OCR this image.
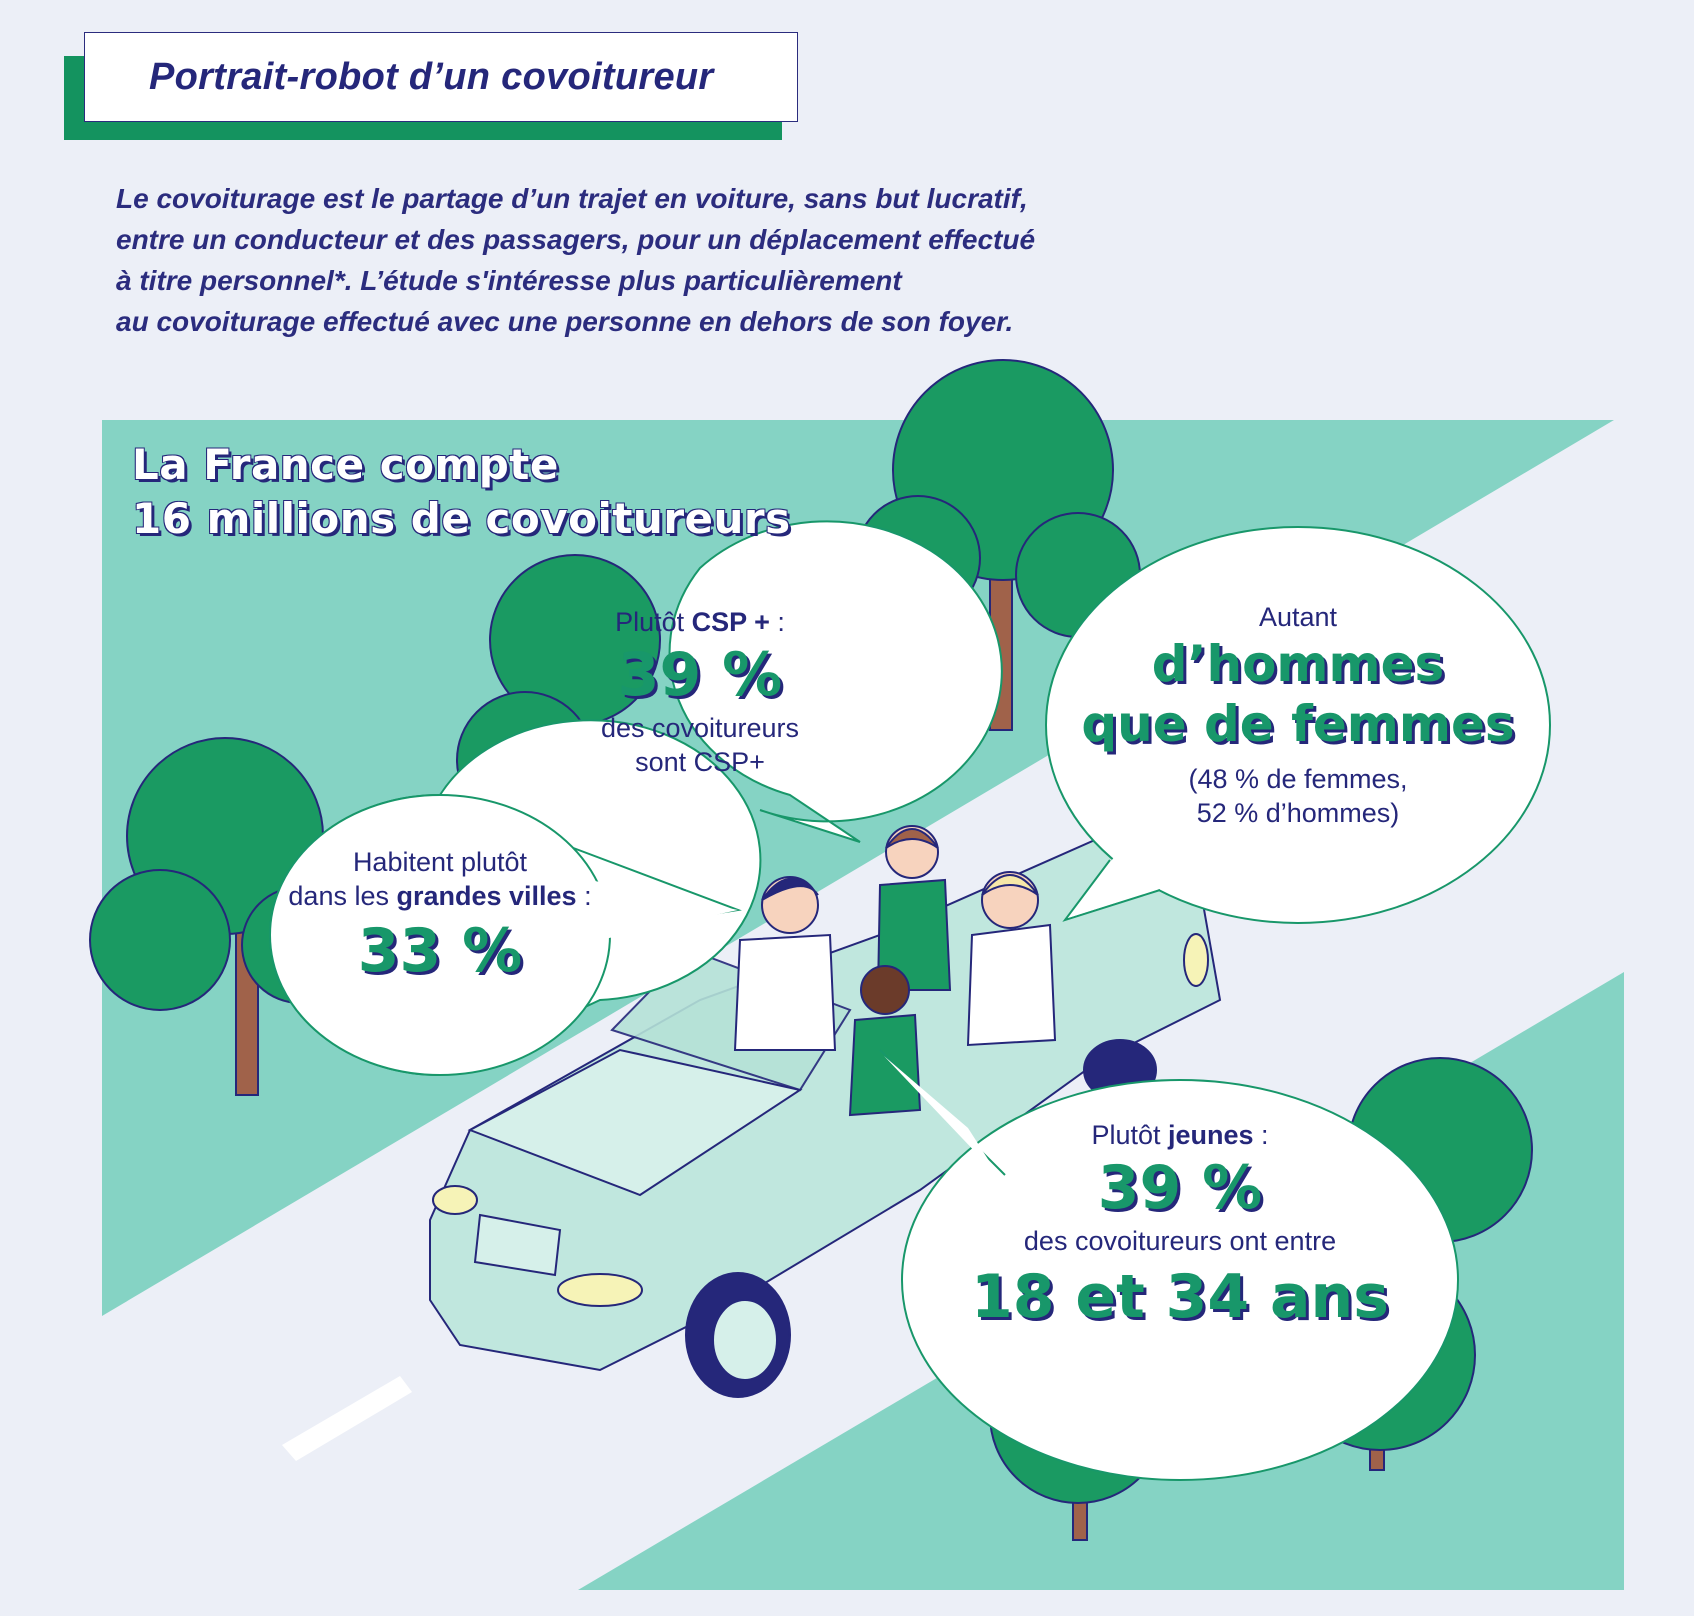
Portrait-robot d’un covoitureur
Le covoiturage est le partage d’un trajet en voiture, sans but lucratif,
entre un conducteur et des passagers, pour un déplacement effectué
à titre personnel*. L’étude s'intéresse plus particulièrement
au covoiturage effectué avec une personne en dehors de son foyer.
La France compte
16 millions de covoitureurs
Plutôt CSP + :
39 %
des covoitureurs
sont CSP+
Habitent plutôt
dans les grandes villes :
33 %
Autant
d’hommes
que de femmes
(48 % de femmes,
52 % d’hommes)
Plutôt jeunes :
39 %
des covoitureurs ont entre
18 et 34 ans
